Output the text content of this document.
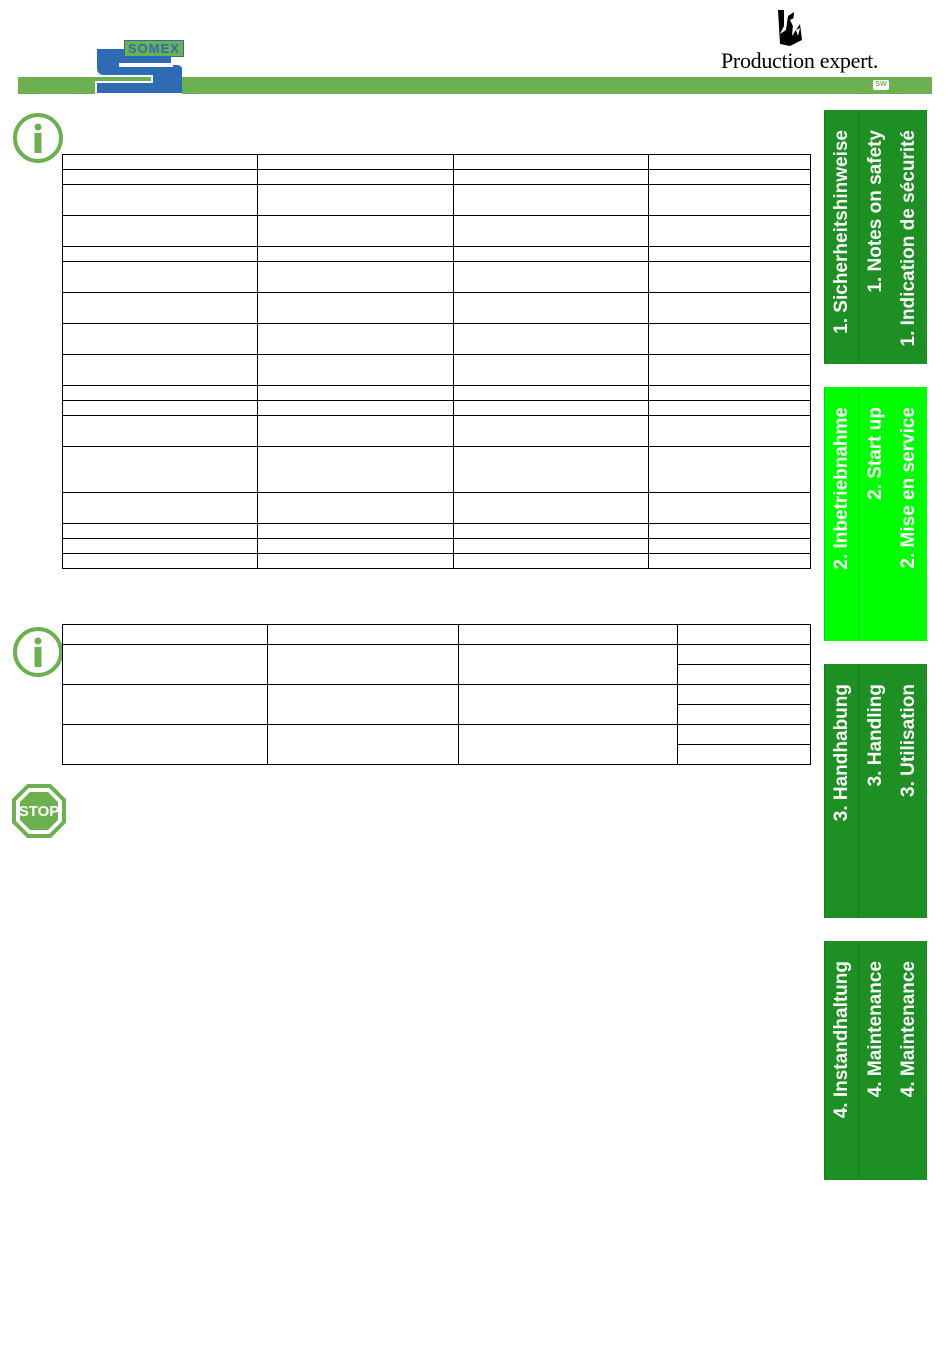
SOMEX	Production expert.
SW

STOP
1. Indication de sécurité
1. Notes on safety
1. Sicherheitshinweise
2. Mise en service
2. Start up
2. Inbetriebnahme
3. Utilisation
3. Handling
3. Handhabung
4. Maintenance
4. Maintenance
4. Instandhaltung
